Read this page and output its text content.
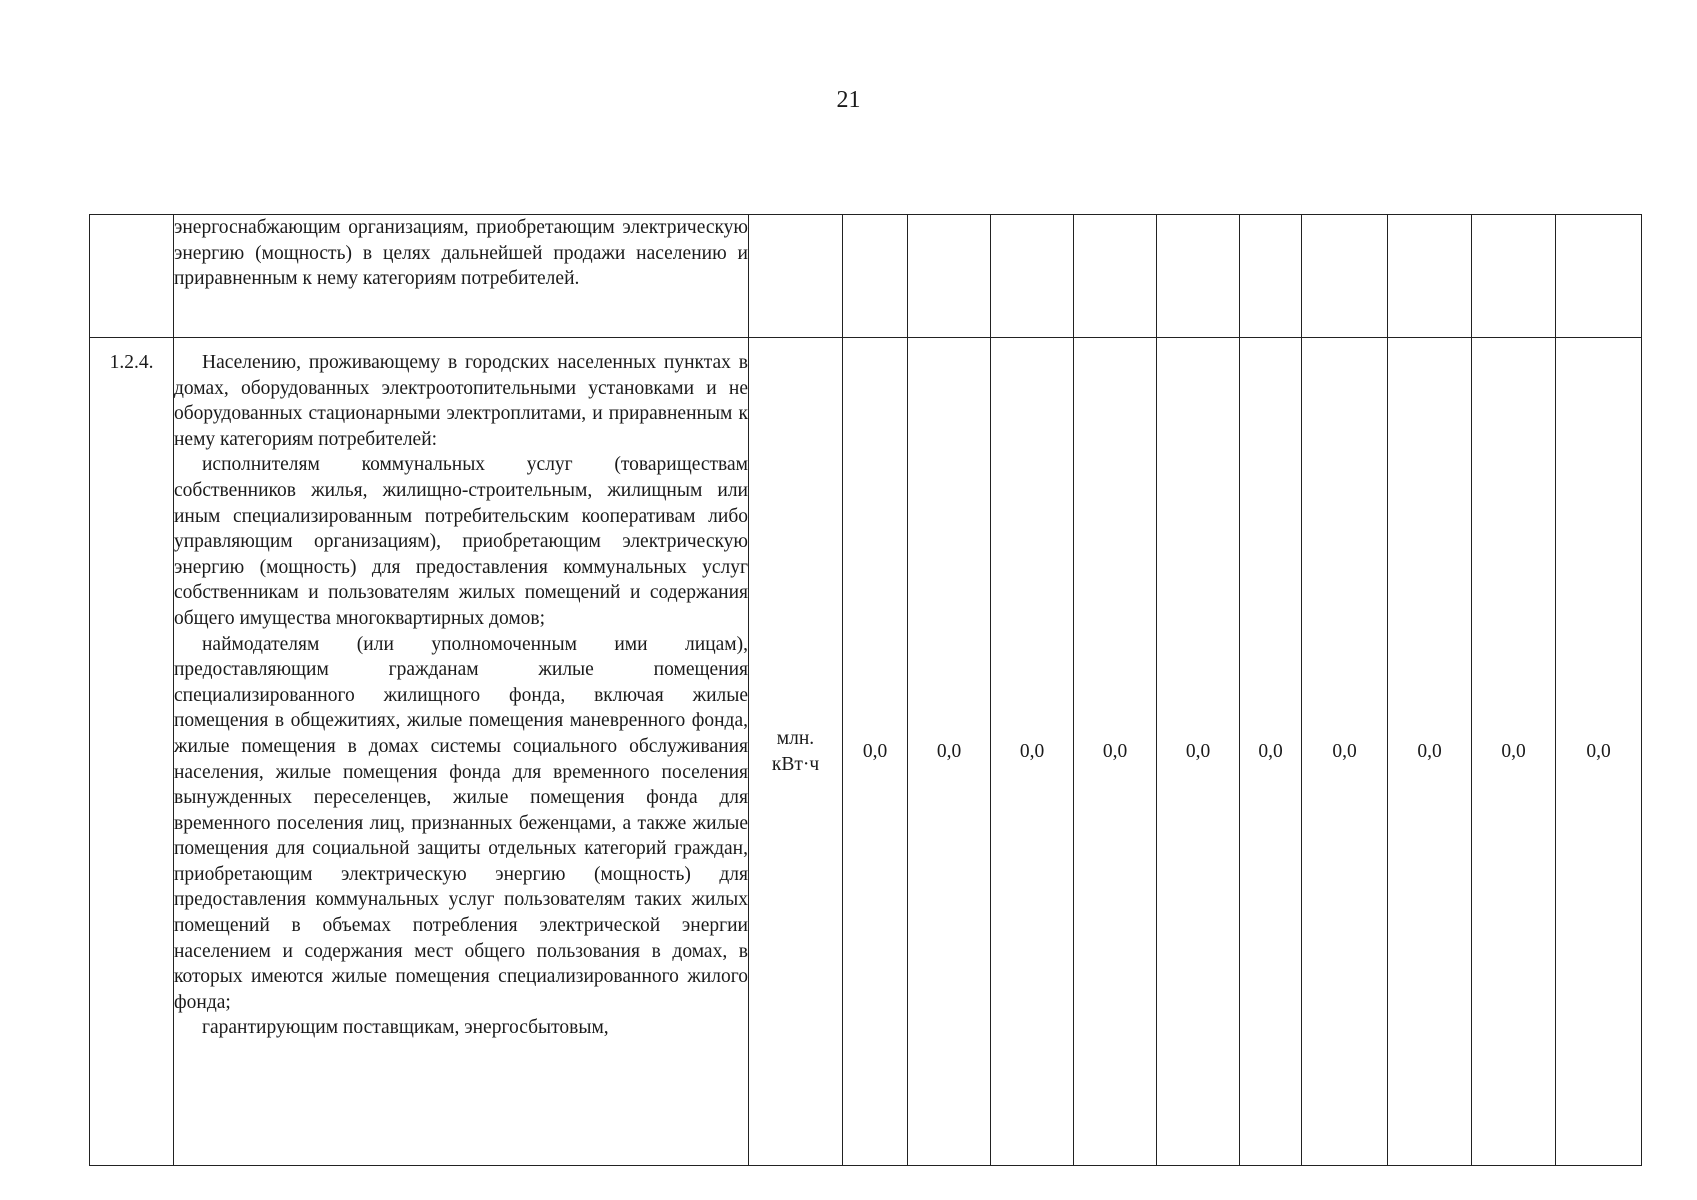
21

	энергоснабжающим организациям, приобретающим электрическую энергию (мощность) в целях дальнейшей продажи населению и приравненным к нему категориям потребителей.											

1.2.4.	Населению, проживающему в городских населенных пунктах в домах, оборудованных электроотопительными установками и не оборудованных стационарными электроплитами, и приравненным к нему категориям потребителей:
исполнителям коммунальных услуг (товариществам собственников жилья, жилищно-строительным, жилищным или иным специализированным потребительским кооперативам либо управляющим организациям), приобретающим электрическую энергию (мощность) для предоставления коммунальных услуг собственникам и пользователям жилых помещений и содержания общего имущества многоквартирных домов;
наймодателям (или уполномоченным ими лицам), предоставляющим гражданам жилые помещения специализированного жилищного фонда, включая жилые помещения в общежитиях, жилые помещения маневренного фонда, жилые помещения в домах системы социального обслуживания населения, жилые помещения фонда для временного поселения вынужденных переселенцев, жилые помещения фонда для временного поселения лиц, признанных беженцами, а также жилые помещения для социальной защиты отдельных категорий граждан, приобретающим электрическую энергию (мощность) для предоставления коммунальных услуг пользователям таких жилых помещений в объемах потребления электрической энергии населением и содержания мест общего пользования в домах, в которых имеются жилые помещения специализированного жилого фонда;
гарантирующим поставщикам, энергосбытовым,	млн.
кВт·ч	0,0	0,0	0,0	0,0	0,0	0,0	0,0	0,0	0,0	0,0
